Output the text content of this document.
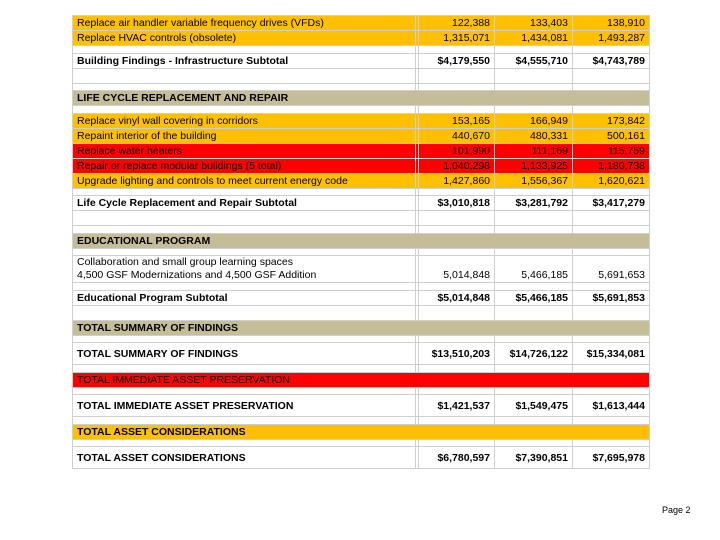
Replace air handler variable frequency drives (VFDs)		122,388	133,403	138,910
Replace HVAC controls (obsolete)		1,315,071	1,434,081	1,493,287

Building Findings - Infrastructure Subtotal		$4,179,550	$4,555,710	$4,743,789

LIFE CYCLE REPLACEMENT AND REPAIR				

Replace vinyl wall covering in corridors		153,165	166,949	173,842
Repaint interior of the building		440,670	480,331	500,161
Replace water heaters		101,990	111,169	115,759
Repair or replace modular buildings (5 total)		1,040,298	1,133,925	1,180,738
Upgrade lighting and controls to meet current energy code		1,427,860	1,556,367	1,620,621

Life Cycle Replacement and Repair Subtotal		$3,010,818	$3,281,792	$3,417,279

EDUCATIONAL PROGRAM				

Collaboration and small group learning spaces
4,500 GSF Modernizations and 4,500 GSF Addition		5,014,848	5,466,185	5,691,653

Educational Program Subtotal		$5,014,848	$5,466,185	$5,691,853

TOTAL SUMMARY OF FINDINGS				

TOTAL SUMMARY OF FINDINGS		$13,510,203	$14,726,122	$15,334,081

TOTAL IMMEDIATE ASSET PRESERVATION				

TOTAL IMMEDIATE ASSET PRESERVATION		$1,421,537	$1,549,475	$1,613,444

TOTAL ASSET CONSIDERATIONS				

TOTAL ASSET CONSIDERATIONS		$6,780,597	$7,390,851	$7,695,978
Page 2
